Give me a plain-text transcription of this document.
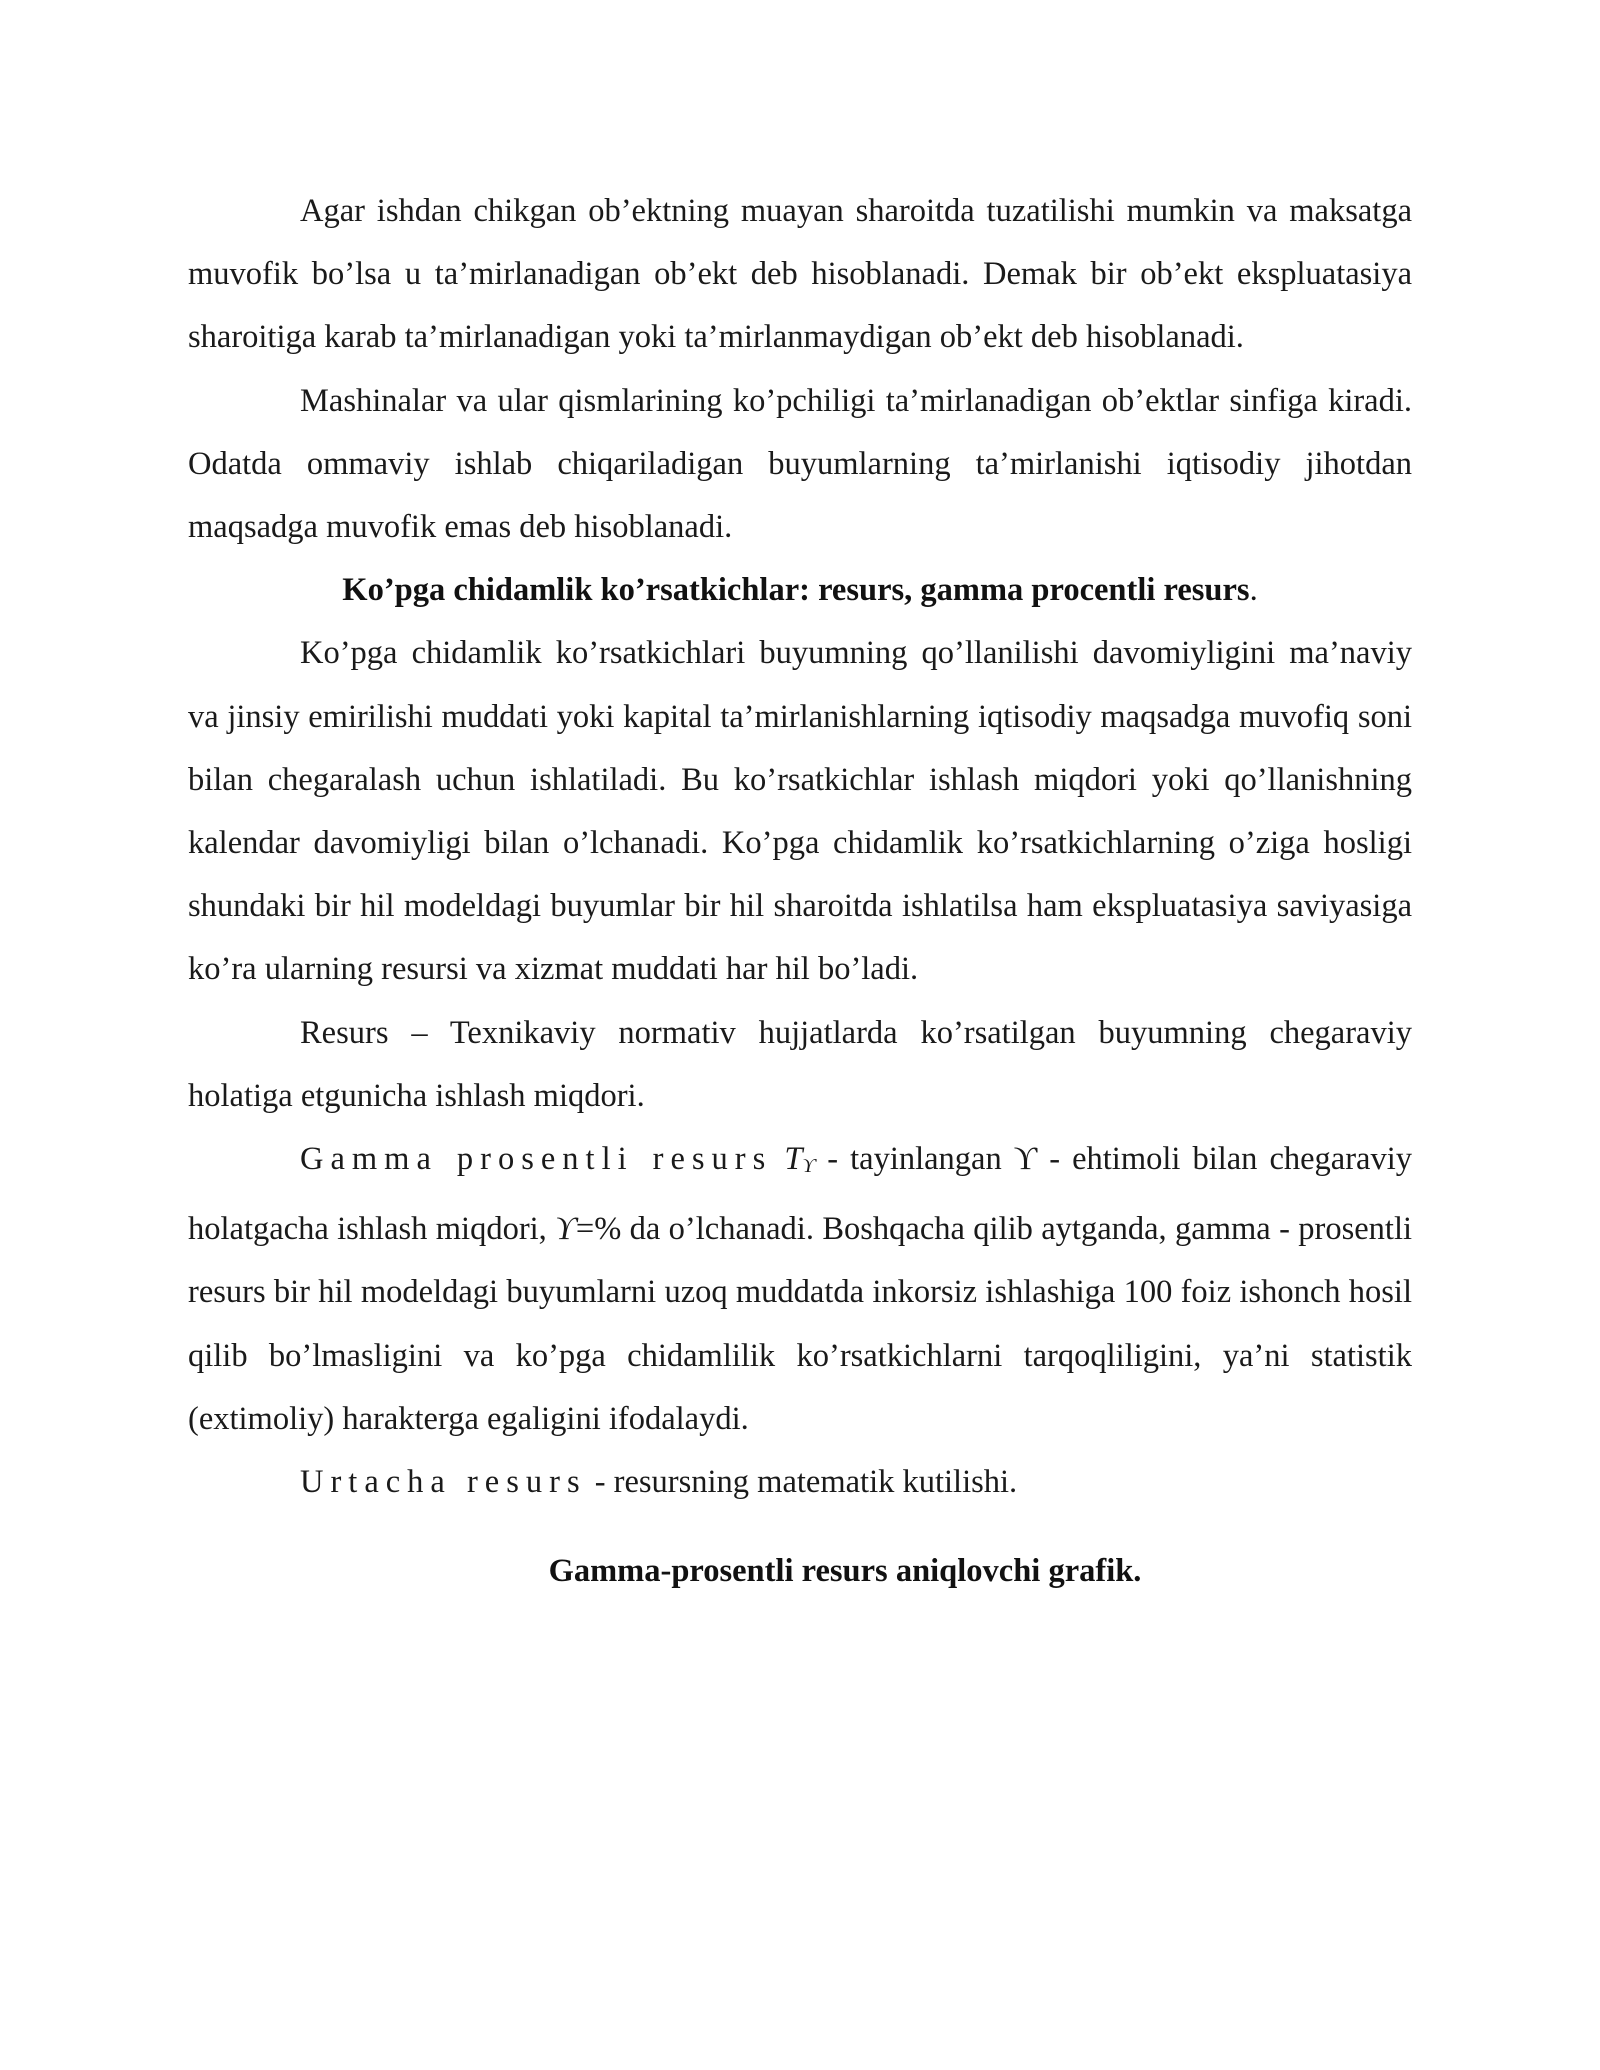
Agar ishdan chikgan ob’ektning muayan sharoitda tuzatilishi mumkin va maksatga muvofik bo’lsa u ta’mirlanadigan ob’ekt deb hisoblanadi. Demak bir ob’ekt ekspluatasiya sharoitiga karab ta’mirlanadigan yoki ta’mirlanmaydigan ob’ekt deb hisoblanadi.

Mashinalar va ular qismlarining ko’pchiligi ta’mirlanadigan ob’ektlar sinfiga kiradi. Odatda ommaviy ishlab chiqariladigan buyumlarning ta’mirlanishi iqtisodiy jihotdan maqsadga muvofik emas deb hisoblanadi.

Ko’pga chidamlik ko’rsatkichlar: resurs, gamma procentli resurs.

Ko’pga chidamlik ko’rsatkichlari buyumning qo’llanilishi davomiyligini ma’naviy va jinsiy emirilishi muddati yoki kapital ta’mirlanishlarning iqtisodiy maqsadga muvofiq soni bilan chegaralash uchun ishlatiladi. Bu ko’rsatkichlar ishlash miqdori yoki qo’llanishning kalendar davomiyligi bilan o’lchanadi. Ko’pga chidamlik ko’rsatkichlarning o’ziga hosligi shundaki bir hil modeldagi buyumlar bir hil sharoitda ishlatilsa ham ekspluatasiya saviyasiga ko’ra ularning resursi va xizmat muddati har hil bo’ladi.

Resurs – Texnikaviy normativ hujjatlarda ko’rsatilgan buyumning chegaraviy holatiga etgunicha ishlash miqdori.

Gamma prosentli resurs Tϒ - tayinlangan ϒ - ehtimoli bilan chegaraviy holatgacha ishlash miqdori, ϒ=% da o’lchanadi. Boshqacha qilib aytganda, gamma - prosentli resurs bir hil modeldagi buyumlarni uzoq muddatda inkorsiz ishlashiga 100 foiz ishonch hosil qilib bo’lmasligini va ko’pga chidamlilik ko’rsatkichlarni tarqoqliligini, ya’ni statistik (extimoliy) harakterga egaligini ifodalaydi.

Urtacha resurs - resursning matematik kutilishi.

Gamma-prosentli resurs aniqlovchi grafik.
